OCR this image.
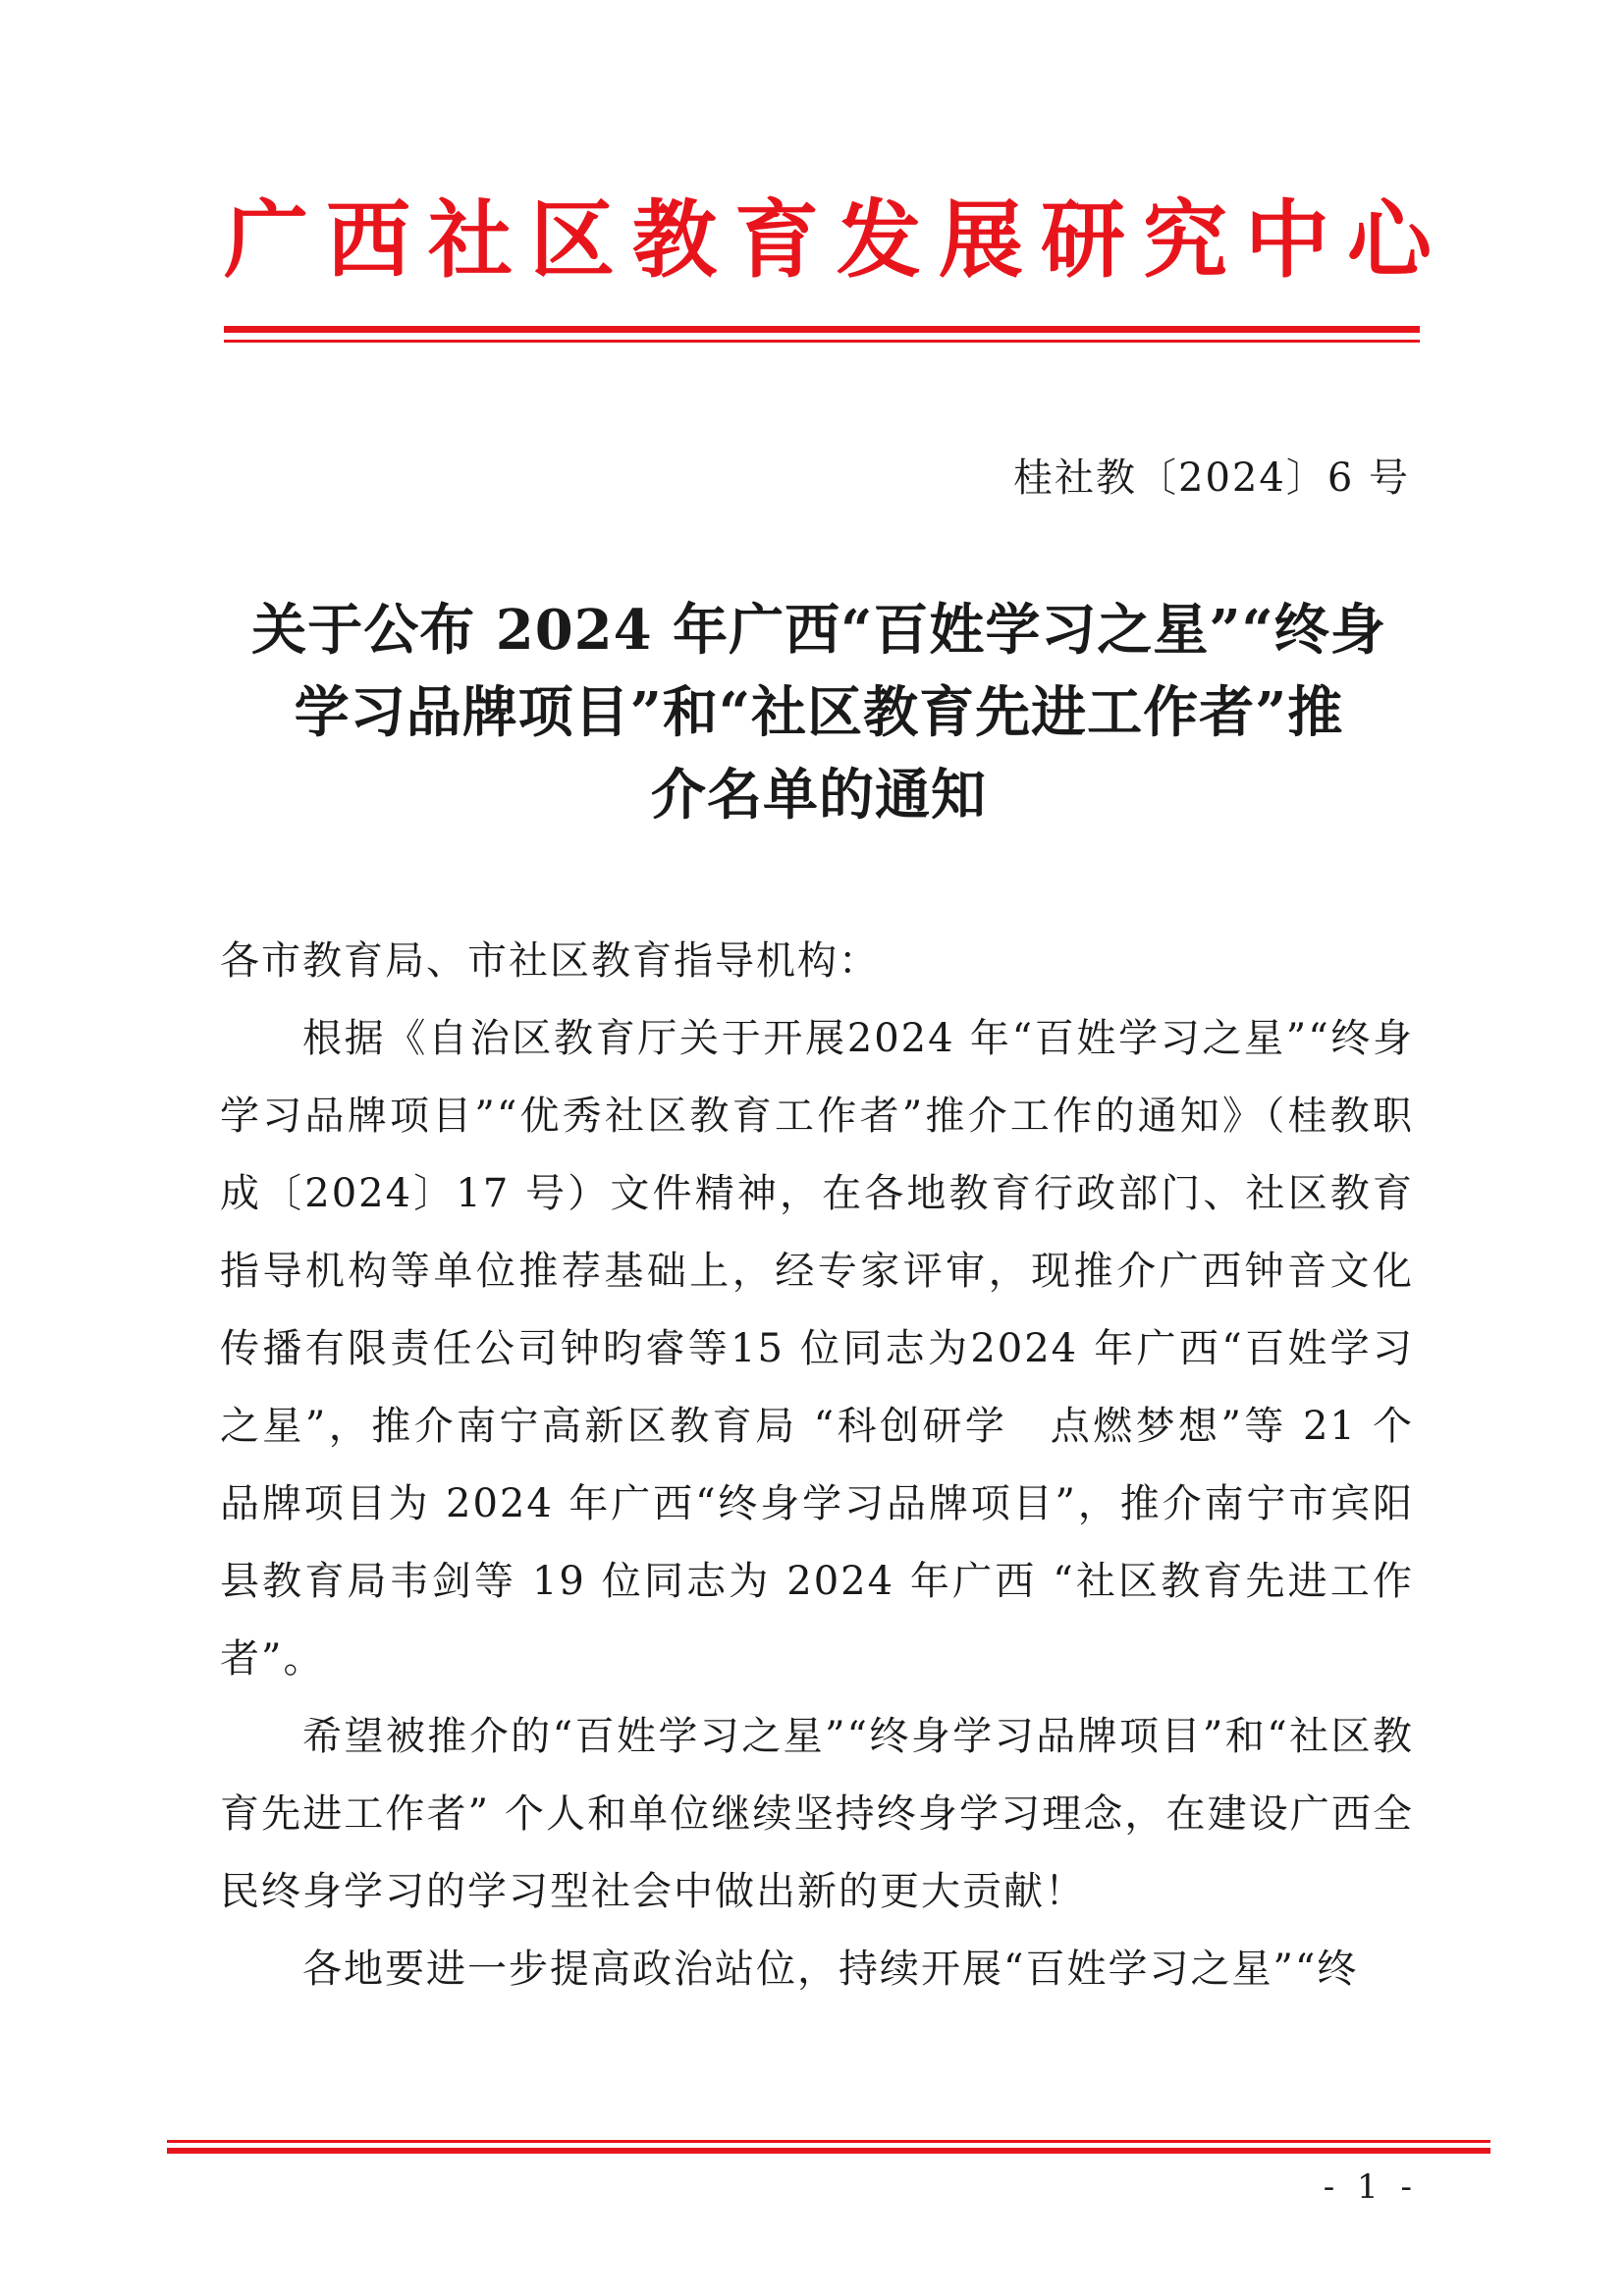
广西社区教育发展研究中心
桂社教〔2024〕6 号
关于公布 2024 年广西“百姓学习之星”“终身
学习品牌项目”和“社区教育先进工作者”推
介名单的通知

各市教育局、市社区教育指导机构：

根据《自治区教育厅关于开展2024 年“百姓学习之星”“终身学习品牌项目”“优秀社区教育工作者”推介工作的通知》（桂教职成〔2024〕17 号）文件精神，在各地教育行政部门、社区教育指导机构等单位推荐基础上，经专家评审，现推介广西钟音文化传播有限责任公司钟昀睿等15 位同志为2024 年广西“百姓学习之星”，推介南宁高新区教育局 “科创研学　点燃梦想”等 21 个品牌项目为 2024 年广西“终身学习品牌项目”，推介南宁市宾阳县教育局韦剑等 19 位同志为 2024 年广西 “社区教育先进工作者”。

希望被推介的“百姓学习之星”“终身学习品牌项目”和“社区教育先进工作者” 个人和单位继续坚持终身学习理念，在建设广西全民终身学习的学习型社会中做出新的更大贡献！

各地要进一步提高政治站位，持续开展“百姓学习之星”“终

- 1 -
